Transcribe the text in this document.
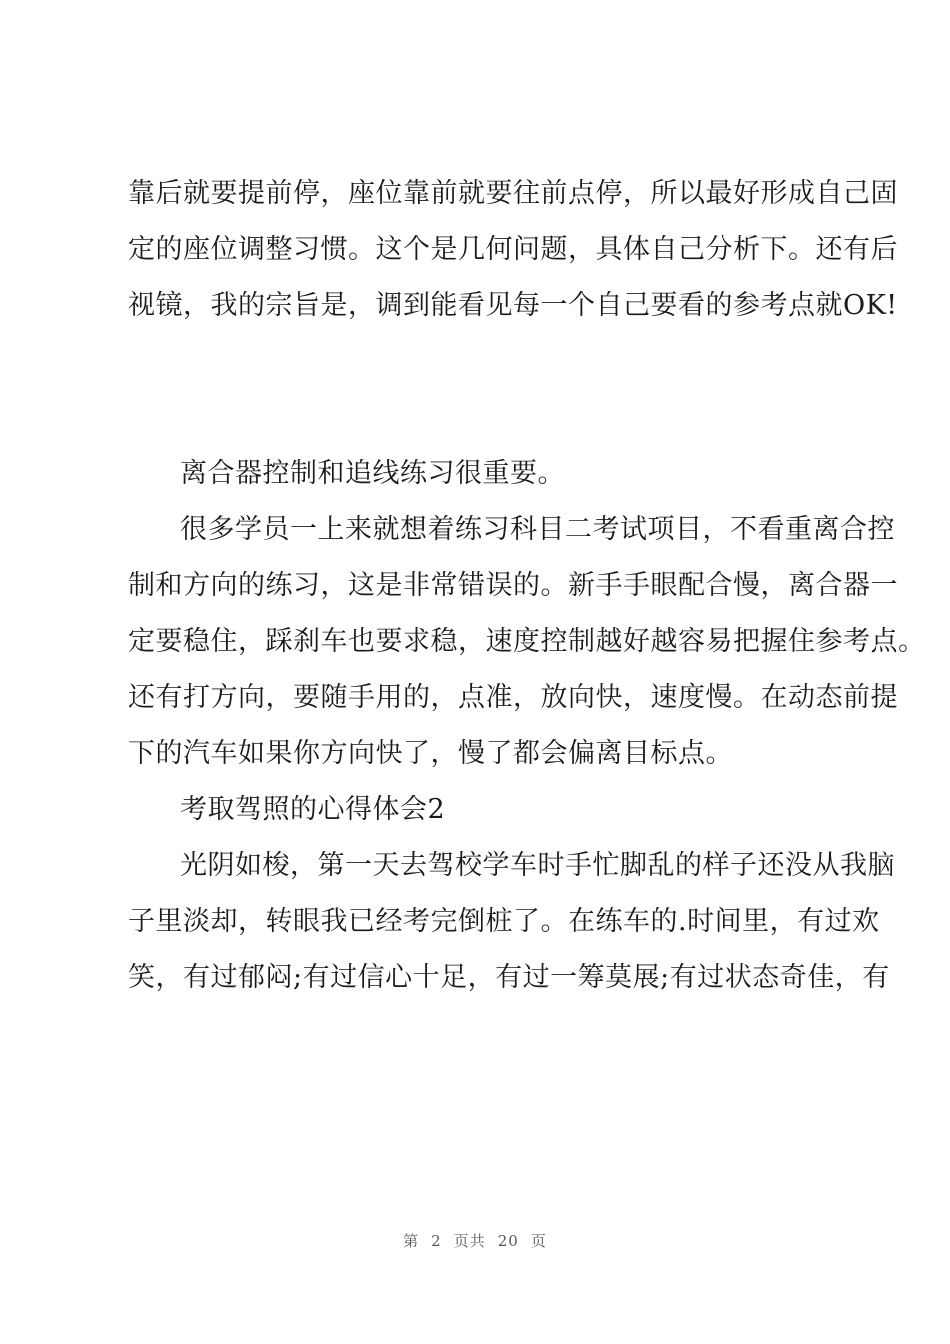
靠后就要提前停，座位靠前就要往前点停，所以最好形成自己固
定的座位调整习惯。这个是几何问题，具体自己分析下。还有后
视镜，我的宗旨是，调到能看见每一个自己要看的参考点就OK!
离合器控制和追线练习很重要。
很多学员一上来就想着练习科目二考试项目，不看重离合控
制和方向的练习，这是非常错误的。新手手眼配合慢，离合器一
定要稳住，踩刹车也要求稳，速度控制越好越容易把握住参考点。
还有打方向，要随手用的，点准，放向快，速度慢。在动态前提
下的汽车如果你方向快了，慢了都会偏离目标点。
考取驾照的心得体会2
光阴如梭，第一天去驾校学车时手忙脚乱的样子还没从我脑
子里淡却，转眼我已经考完倒桩了。在练车的.时间里，有过欢
笑，有过郁闷;有过信心十足，有过一筹莫展;有过状态奇佳，有
第 2 页共 20 页
